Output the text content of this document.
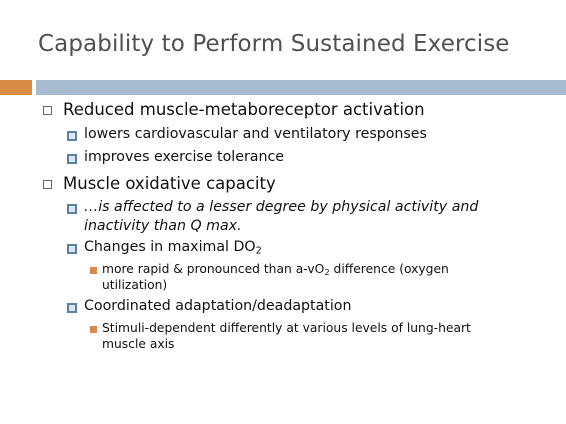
Capability to Perform Sustained Exercise
Reduced muscle-metaboreceptor activation
lowers cardiovascular and ventilatory responses
improves exercise tolerance
Muscle oxidative capacity
…is affected to a lesser degree by physical activity and
inactivity than Q max.
Changes in maximal $DO_2$
more rapid & pronounced than $a-vO_2$ difference (oxygen
utilization)
Coordinated adaptation/deadaptation
Stimuli-dependent differently at various levels of lung-heart
muscle axis
